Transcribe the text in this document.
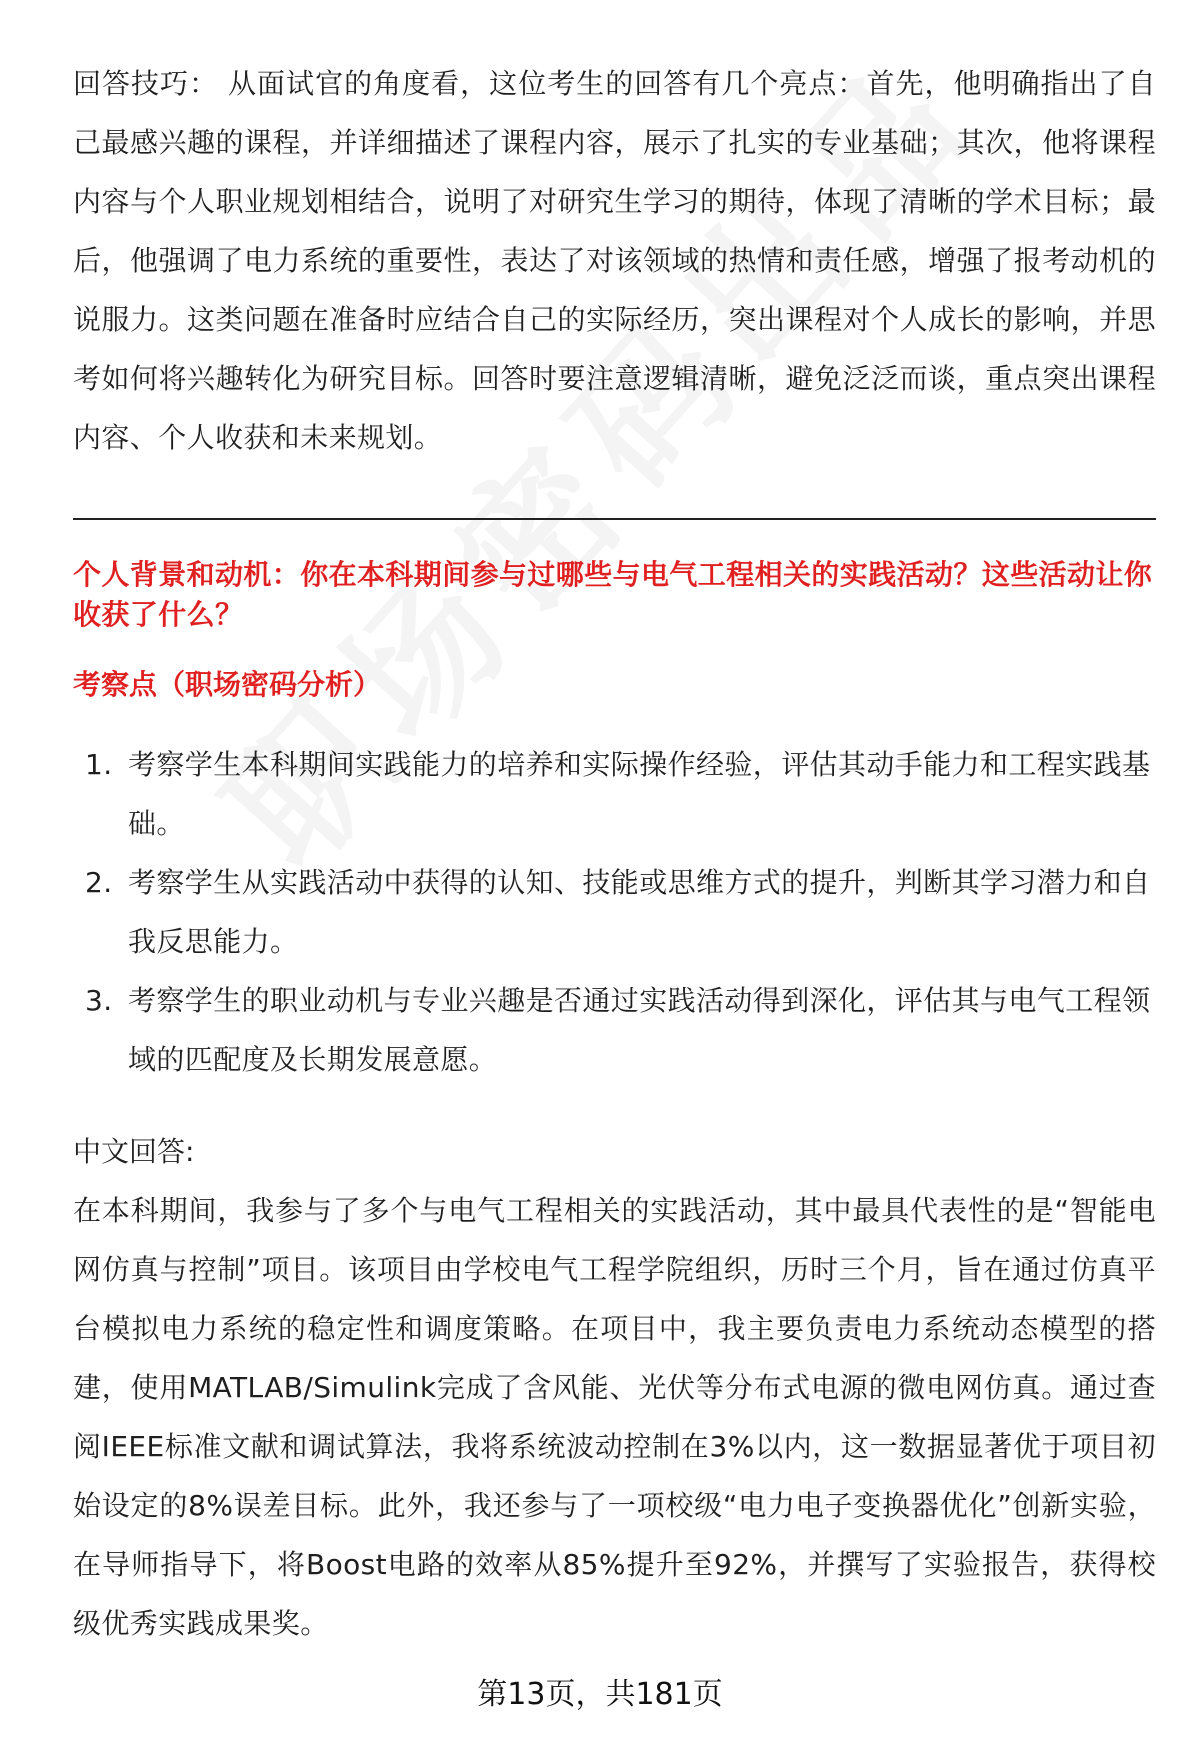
回答技巧： 从面试官的角度看，这位考生的回答有几个亮点：首先，他明确指出了自己最感兴趣的课程，并详细描述了课程内容，展示了扎实的专业基础；其次，他将课程内容与个人职业规划相结合，说明了对研究生学习的期待，体现了清晰的学术目标；最后，他强调了电力系统的重要性，表达了对该领域的热情和责任感，增强了报考动机的说服力。这类问题在准备时应结合自己的实际经历，突出课程对个人成长的影响，并思考如何将兴趣转化为研究目标。回答时要注意逻辑清晰，避免泛泛而谈，重点突出课程内容、个人收获和未来规划。
个人背景和动机：你在本科期间参与过哪些与电气工程相关的实践活动？这些活动让你收获了什么？
考察点（职场密码分析）
1. 考察学生本科期间实践能力的培养和实际操作经验，评估其动手能力和工程实践基础。
2. 考察学生从实践活动中获得的认知、技能或思维方式的提升，判断其学习潜力和自我反思能力。
3. 考察学生的职业动机与专业兴趣是否通过实践活动得到深化，评估其与电气工程领域的匹配度及长期发展意愿。
中文回答:
在本科期间，我参与了多个与电气工程相关的实践活动，其中最具代表性的是“智能电网仿真与控制”项目。该项目由学校电气工程学院组织，历时三个月，旨在通过仿真平台模拟电力系统的稳定性和调度策略。在项目中，我主要负责电力系统动态模型的搭建，使用MATLAB/Simulink完成了含风能、光伏等分布式电源的微电网仿真。通过查阅IEEE标准文献和调试算法，我将系统波动控制在3%以内，这一数据显著优于项目初始设定的8%误差目标。此外，我还参与了一项校级“电力电子变换器优化”创新实验，在导师指导下，将Boost电路的效率从85%提升至92%，并撰写了实验报告，获得校级优秀实践成果奖。
第13页，共181页
